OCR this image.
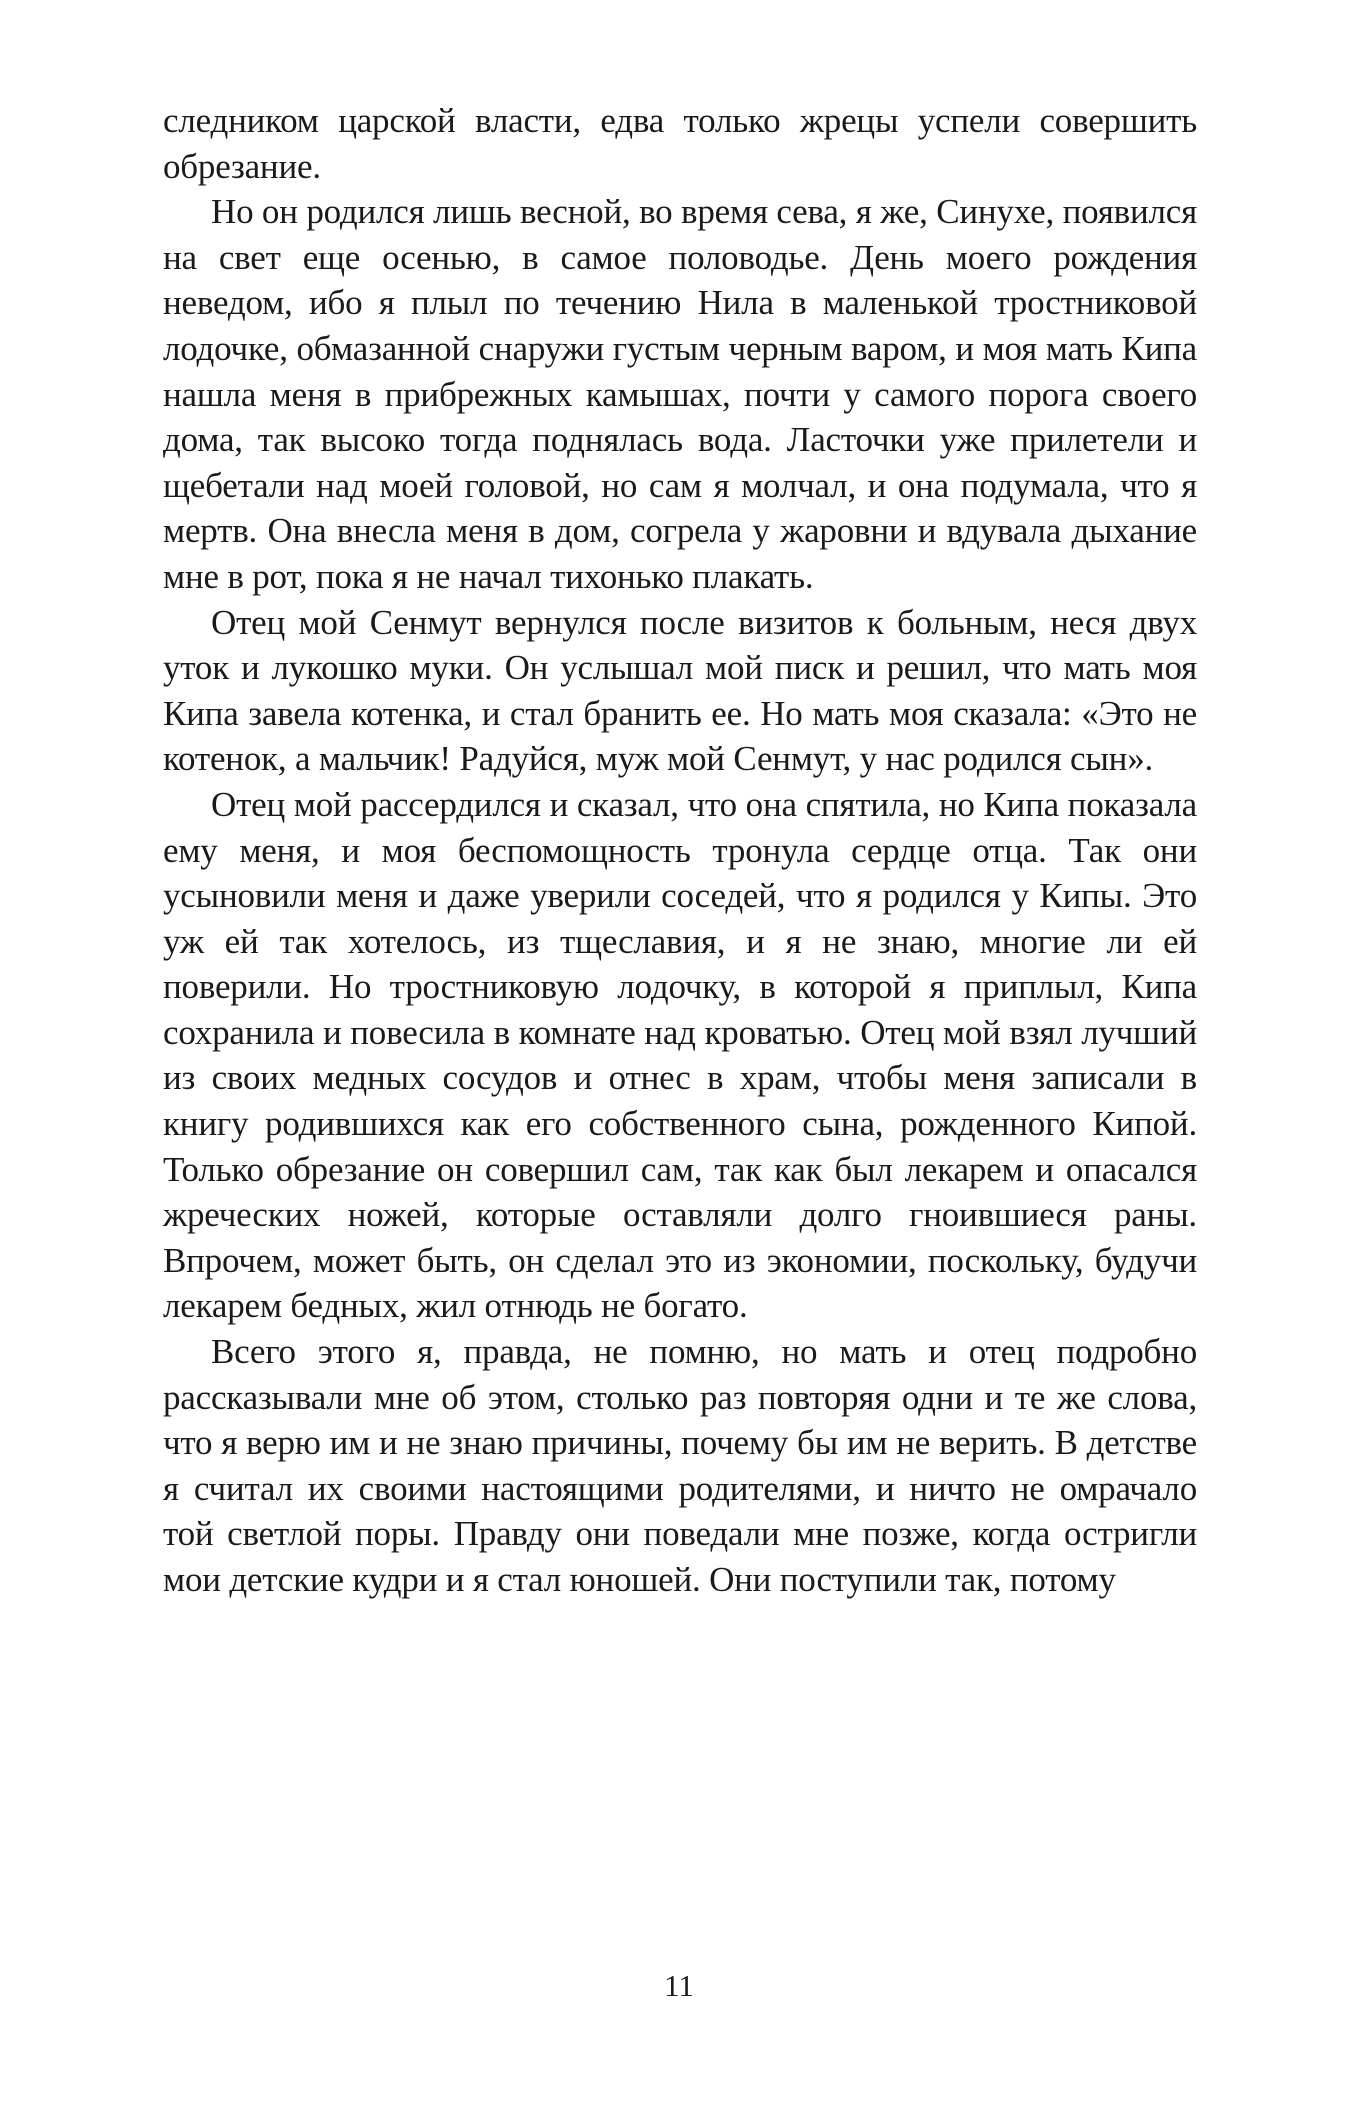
следником царской власти, едва только жрецы успели совершить обрезание.

Но он родился лишь весной, во время сева, я же, Синухе, появился на свет еще осенью, в самое половодье. День моего рождения неведом, ибо я плыл по течению Нила в маленькой тростниковой лодочке, обмазанной снаружи густым черным варом, и моя мать Кипа нашла меня в прибрежных камышах, почти у самого порога своего дома, так высоко тогда поднялась вода. Ласточки уже прилетели и щебетали над моей головой, но сам я молчал, и она подумала, что я мертв. Она внесла меня в дом, согрела у жаровни и вдувала дыхание мне в рот, пока я не начал тихонько плакать.

Отец мой Сенмут вернулся после визитов к больным, неся двух уток и лукошко муки. Он услышал мой писк и решил, что мать моя Кипа завела котенка, и стал бранить ее. Но мать моя сказала: «Это не котенок, а мальчик! Радуйся, муж мой Сенмут, у нас родился сын».

Отец мой рассердился и сказал, что она спятила, но Кипа показала ему меня, и моя беспомощность тронула сердце отца. Так они усыновили меня и даже уверили соседей, что я родился у Кипы. Это уж ей так хотелось, из тщеславия, и я не знаю, многие ли ей поверили. Но тростниковую лодочку, в которой я приплыл, Кипа сохранила и повесила в комнате над кроватью. Отец мой взял лучший из своих медных сосудов и отнес в храм, чтобы меня записали в книгу родившихся как его собственного сына, рожденного Кипой. Только обрезание он совершил сам, так как был лекарем и опасался жреческих ножей, которые оставляли долго гноившиеся раны. Впрочем, может быть, он сделал это из экономии, поскольку, будучи лекарем бедных, жил отнюдь не богато.

Всего этого я, правда, не помню, но мать и отец подробно рассказывали мне об этом, столько раз повторяя одни и те же слова, что я верю им и не знаю причины, почему бы им не верить. В детстве я считал их своими настоящими родителями, и ничто не омрачало той светлой поры. Правду они поведали мне позже, когда остригли мои детские кудри и я стал юношей. Они поступили так, потому

11
